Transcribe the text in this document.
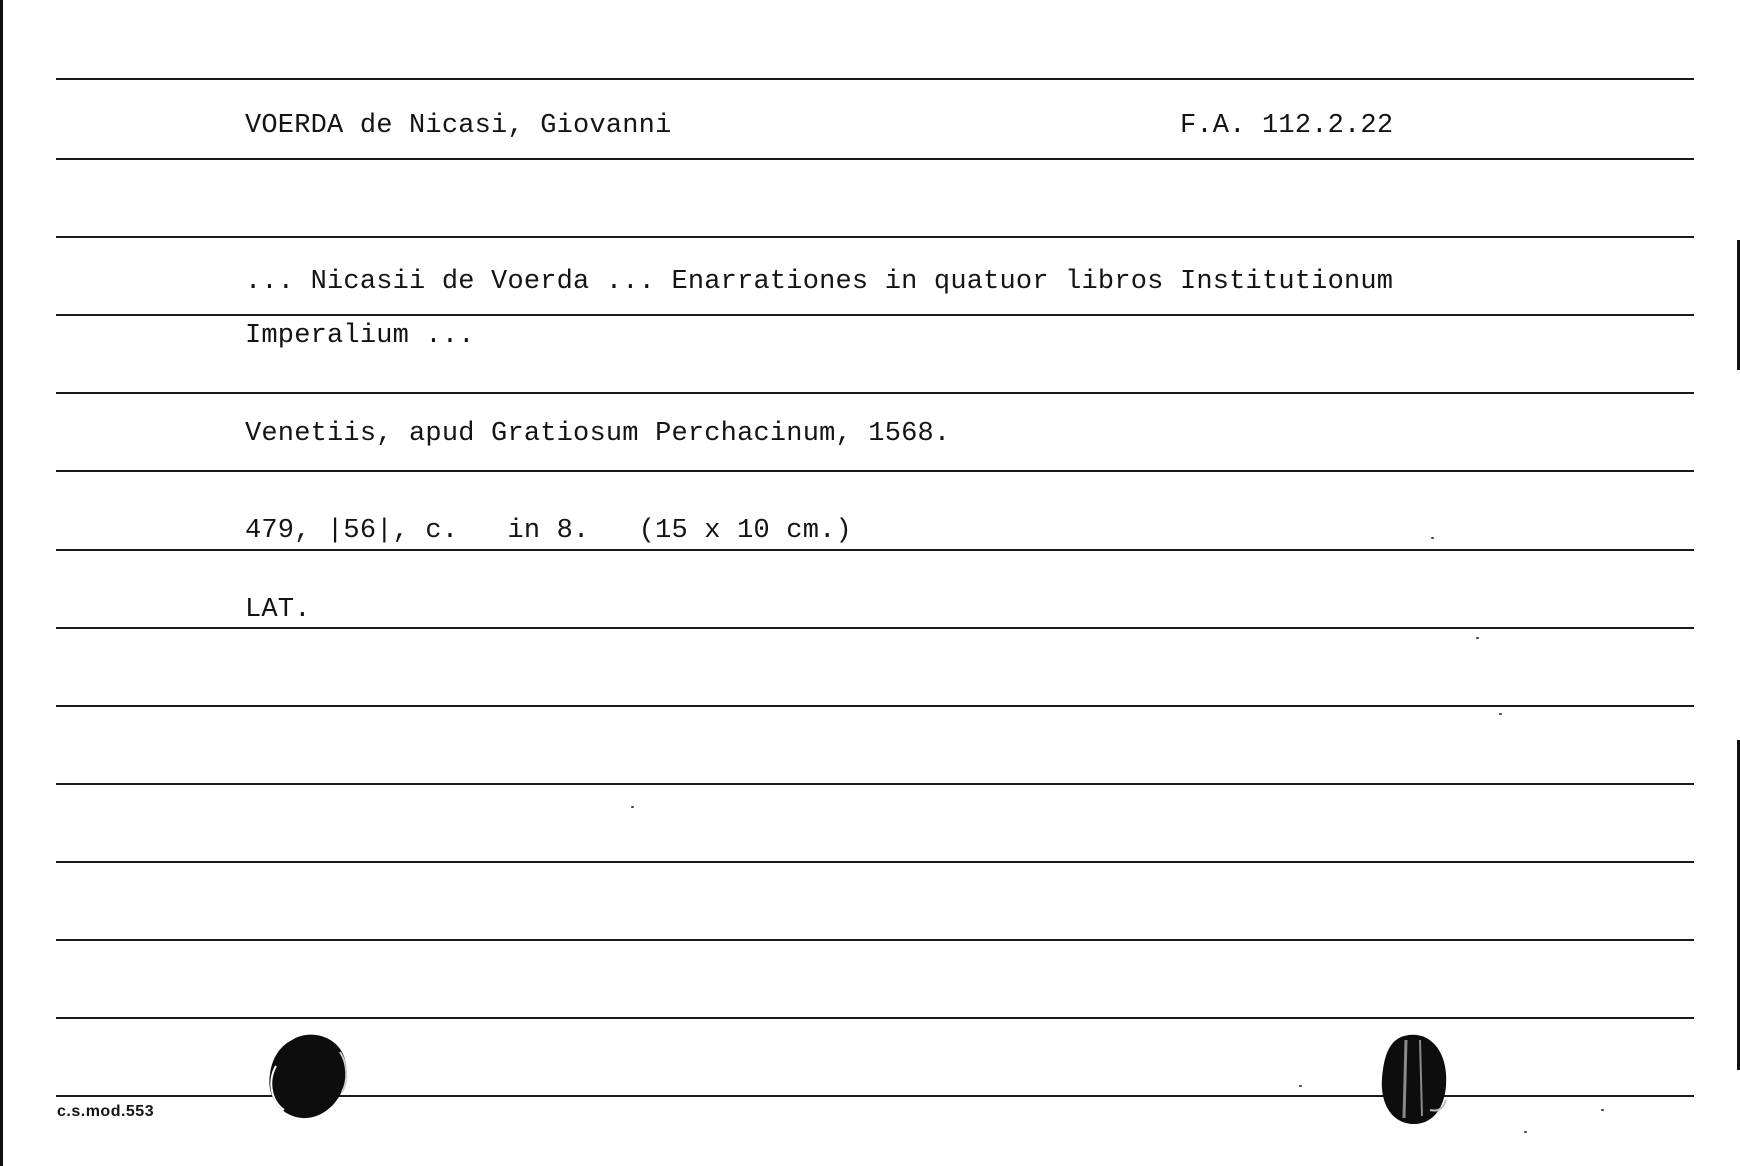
VOERDA de Nicasi, Giovanni	F.A. 112.2.22
... Nicasii de Voerda ... Enarrationes in quatuor libros Institutionum
Imperalium ...
Venetiis, apud Gratiosum Perchacinum, 1568.
479, |56|, c.   in 8.   (15 x 10 cm.)
LAT.
c.s.mod.553
